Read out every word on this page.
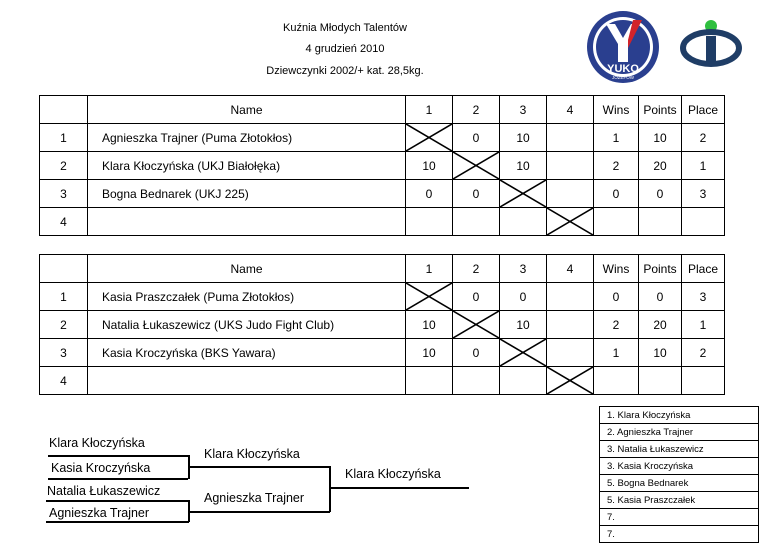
Kuźnia Młodych Talentów
4 grudzień 2010
Dziewczynki 2002/+ kat. 28,5kg.	YUKO
JÓZEFÓW
	Name	1	2	3	4	Wins	Points	Place
1	Agnieszka Trajner (Puma Złotokłos)		0	10		1	10	2
2	Klara Kłoczyńska (UKJ Białołęka)	10		10		2	20	1
3	Bogna Bednarek (UKJ 225)	0	0			0	0	3
4					

	Name	1	2	3	4	Wins	Points	Place
1	Kasia Praszczałek (Puma Złotokłos)		0	0		0	0	3
2	Natalia Łukaszewicz (UKS Judo Fight Club)	10		10		2	20	1
3	Kasia Kroczyńska (BKS Yawara)	10	0			1	10	2
4					

Klara Kłoczyńska
Kasia Kroczyńska
Klara Kłoczyńska
Natalia Łukaszewicz
Agnieszka Trajner
Agnieszka Trajner
Klara Kłoczyńska
1. Klara Kłoczyńska
2. Agnieszka Trajner
3. Natalia Łukaszewicz
3. Kasia Kroczyńska
5. Bogna Bednarek
5. Kasia Praszczałek
7.
7.
